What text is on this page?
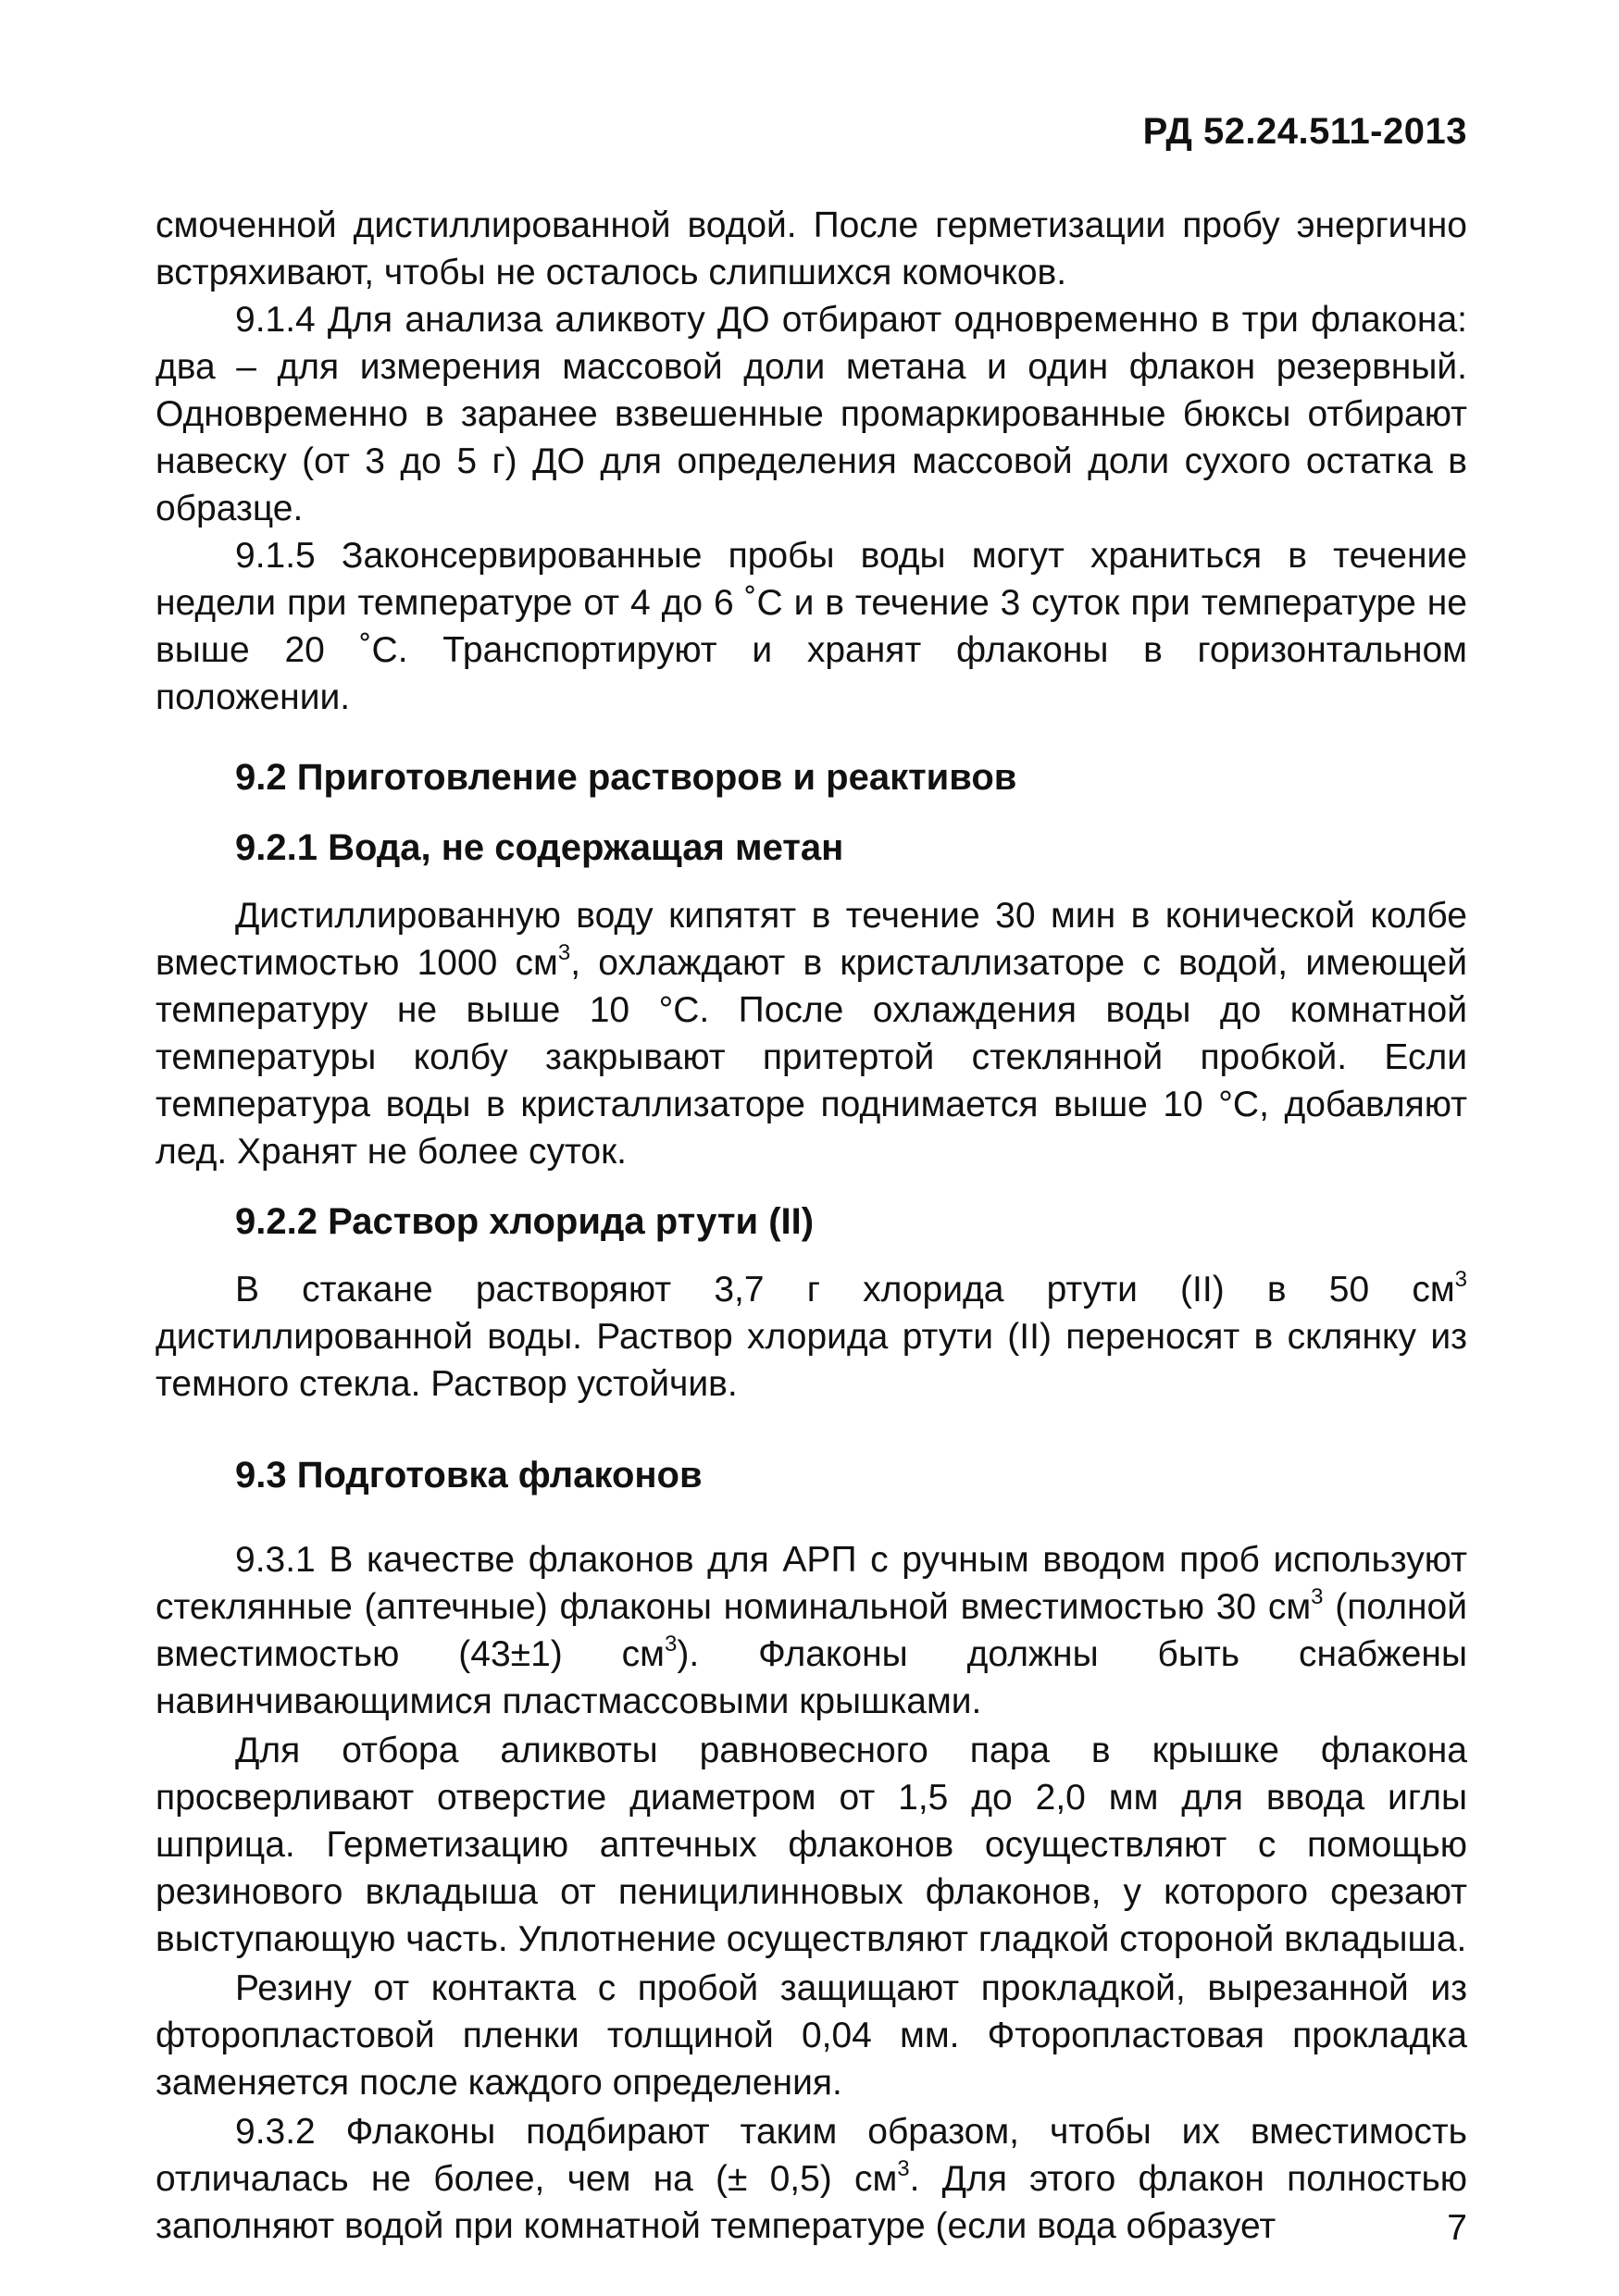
РД 52.24.511-2013

смоченной дистиллированной водой. После герметизации пробу энергично встряхивают, чтобы не осталось слипшихся комочков.

9.1.4 Для анализа аликвоту ДО отбирают одновременно в три флакона: два – для измерения массовой доли метана и один флакон резервный. Одновременно в заранее взвешенные промаркированные бюксы отбирают навеску (от 3 до 5 г) ДО для определения массовой доли сухого остатка в образце.

9.1.5 Законсервированные пробы воды могут храниться в течение недели при температуре от 4 до 6 ˚С и в течение 3 суток при температуре не выше 20 ˚С. Транспортируют и хранят флаконы в горизонтальном положении.

9.2 Приготовление растворов и реактивов
9.2.1 Вода, не содержащая метан

Дистиллированную воду кипятят в течение 30 мин в конической колбе вместимостью 1000 $см^3$, охлаждают в кристаллизаторе с водой, имеющей температуру не выше 10 °С. После охлаждения воды до комнатной температуры колбу закрывают притертой стеклянной пробкой. Если температура воды в кристаллизаторе поднимается выше 10 °С, добавляют лед. Хранят не более суток.

9.2.2 Раствор хлорида ртути (II)

В стакане растворяют 3,7 г хлорида ртути (II) в 50 $см^3$ дистиллированной воды. Раствор хлорида ртути (II) переносят в склянку из темного стекла. Раствор устойчив.

9.3 Подготовка флаконов

9.3.1 В качестве флаконов для АРП с ручным вводом проб используют стеклянные (аптечные) флаконы номинальной вместимостью 30 $см^3$ (полной вместимостью (43±1) $см^3$). Флаконы должны быть снабжены навинчивающимися пластмассовыми крышками.

Для отбора аликвоты равновесного пара в крышке флакона просверливают отверстие диаметром от 1,5 до 2,0 мм для ввода иглы шприца. Герметизацию аптечных флаконов осуществляют с помощью резинового вкладыша от пеницилинновых флаконов, у которого срезают выступающую часть. Уплотнение осуществляют гладкой стороной вкладыша.

Резину от контакта с пробой защищают прокладкой, вырезанной из фторопластовой пленки толщиной 0,04 мм. Фторопластовая прокладка заменяется после каждого определения.

9.3.2 Флаконы подбирают таким образом, чтобы их вместимость отличалась не более, чем на (± 0,5) $см^3$. Для этого флакон полностью заполняют водой при комнатной температуре (если вода образует	7
